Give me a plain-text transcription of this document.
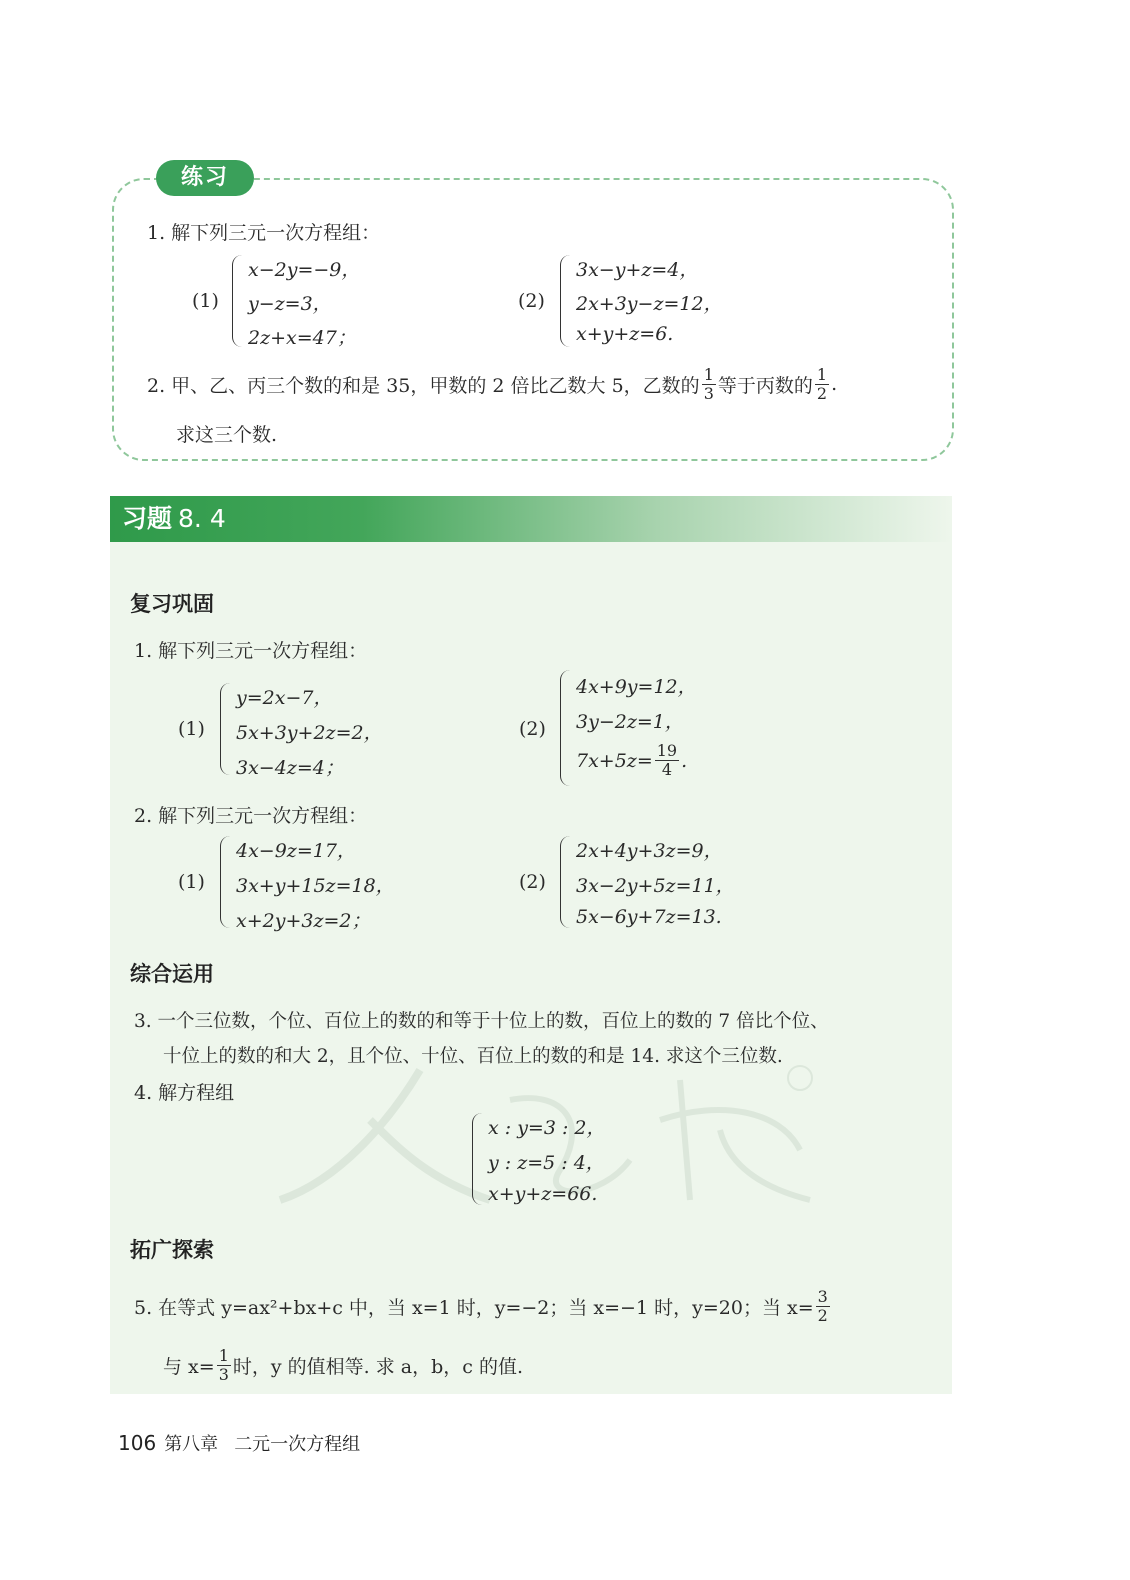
练习
1. 解下列三元一次方程组：
(1)
x−2y=−9，
y−z=3，
2z+x=47；
(2)
3x−y+z=4，
2x+3y−z=12，
x+y+z=6.
2. 甲、乙、丙三个数的和是 35，甲数的 2 倍比乙数大 5，乙数的 $\frac{1}{3}$ 等于丙数的 $\frac{1}{2}$ .
求这三个数.
习题 8. 4
复习巩固
1. 解下列三元一次方程组：
(1)
y=2x−7，
5x+3y+2z=2，
3x−4z=4；
(2)
4x+9y=12，
3y−2z=1，
$7x+5z= \frac{19}{4}$ .
2. 解下列三元一次方程组：
(1)
4x−9z=17，
3x+y+15z=18，
x+2y+3z=2；
(2)
2x+4y+3z=9，
3x−2y+5z=11，
5x−6y+7z=13.
综合运用
3. 一个三位数，个位、百位上的数的和等于十位上的数，百位上的数的 7 倍比个位、
十位上的数的和大 2，且个位、十位、百位上的数的和是 14. 求这个三位数.
4. 解方程组
x : y=3 : 2，
y : z=5 : 4，
x+y+z=66.
拓广探索
5. 在等式 y=ax²+bx+c 中，当 x=1 时，y=−2；当 x=−1 时，y=20；当 $x= \frac{3}{2}$
与 $x= \frac{1}{3}$ 时，y 的值相等. 求 a，b，c 的值.
106 第八章 二元一次方程组
